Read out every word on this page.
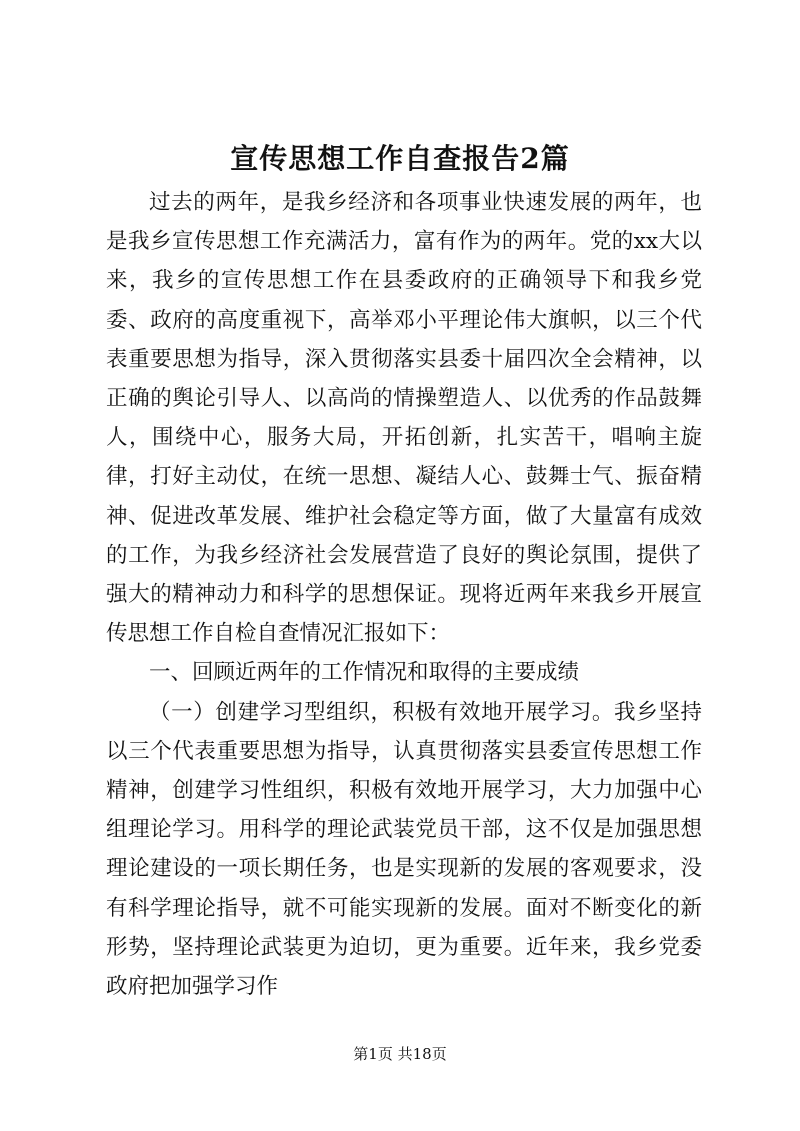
宣传思想工作自查报告2篇

过去的两年，是我乡经济和各项事业快速发展的两年，也是我乡宣传思想工作充满活力，富有作为的两年。党的xx大以来，我乡的宣传思想工作在县委政府的正确领导下和我乡党委、政府的高度重视下，高举邓小平理论伟大旗帜，以三个代表重要思想为指导，深入贯彻落实县委十届四次全会精神，以正确的舆论引导人、以高尚的情操塑造人、以优秀的作品鼓舞人，围绕中心，服务大局，开拓创新，扎实苦干，唱响主旋律，打好主动仗，在统一思想、凝结人心、鼓舞士气、振奋精神、促进改革发展、维护社会稳定等方面，做了大量富有成效的工作，为我乡经济社会发展营造了良好的舆论氛围，提供了强大的精神动力和科学的思想保证。现将近两年来我乡开展宣传思想工作自检自查情况汇报如下：

一、回顾近两年的工作情况和取得的主要成绩

（一）创建学习型组织，积极有效地开展学习。我乡坚持以三个代表重要思想为指导，认真贯彻落实县委宣传思想工作精神，创建学习性组织，积极有效地开展学习，大力加强中心组理论学习。用科学的理论武装党员干部，这不仅是加强思想理论建设的一项长期任务，也是实现新的发展的客观要求，没有科学理论指导，就不可能实现新的发展。面对不断变化的新形势，坚持理论武装更为迫切，更为重要。近年来，我乡党委政府把加强学习作

第1页 共18页
